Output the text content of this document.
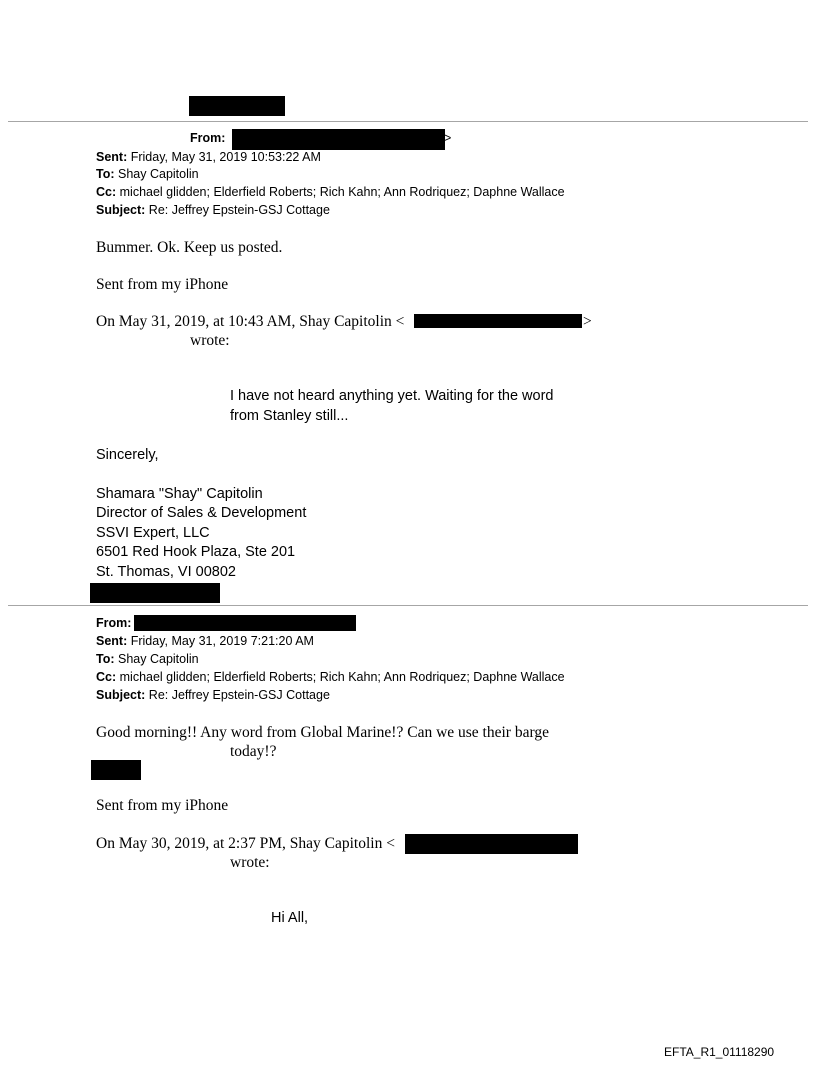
From:	>
Sent: Friday, May 31, 2019 10:53:22 AM
To: Shay Capitolin
Cc: michael glidden; Elderfield Roberts; Rich Kahn; Ann Rodriquez; Daphne Wallace
Subject: Re: Jeffrey Epstein-GSJ Cottage
Bummer. Ok. Keep us posted.
Sent from my iPhone
On May 31, 2019, at 10:43 AM, Shay Capitolin <	>
wrote:
I have not heard anything yet. Waiting for the word
from Stanley still...
Sincerely,
Shamara "Shay" Capitolin
Director of Sales & Development
SSVI Expert, LLC
6501 Red Hook Plaza, Ste 201
St. Thomas, VI 00802
From:
Sent: Friday, May 31, 2019 7:21:20 AM
To: Shay Capitolin
Cc: michael glidden; Elderfield Roberts; Rich Kahn; Ann Rodriquez; Daphne Wallace
Subject: Re: Jeffrey Epstein-GSJ Cottage
Good morning!! Any word from Global Marine!? Can we use their barge
today!?
Sent from my iPhone
On May 30, 2019, at 2:37 PM, Shay Capitolin <
wrote:
Hi All,
EFTA_R1_01118290
